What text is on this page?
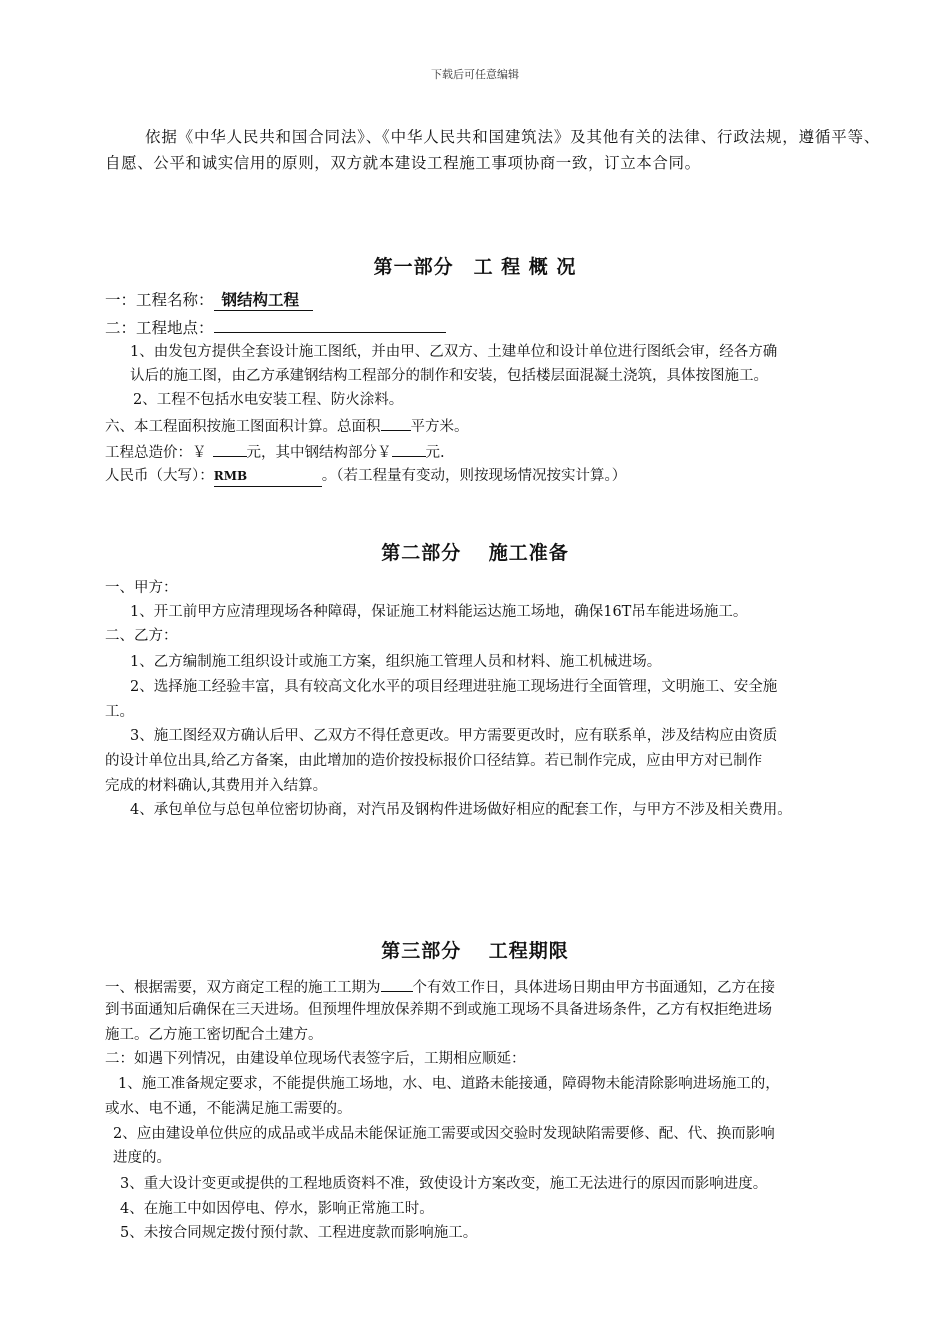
下载后可任意编辑
依据《中华人民共和国合同法》、《中华人民共和国建筑法》及其他有关的法律、行政法规，遵循平等、自愿、公平和诚实信用的原则，双方就本建设工程施工事项协商一致，订立本合同。
第一部分　工 程 概 况
一：工程名称： 钢结构工程
二：工程地点：
1、由发包方提供全套设计施工图纸，并由甲、乙双方、土建单位和设计单位进行图纸会审，经各方确
认后的施工图，由乙方承建钢结构工程部分的制作和安装，包括楼层面混凝土浇筑，具体按图施工。
2、工程不包括水电安装工程、防火涂料。
六、本工程面积按施工图面积计算。总面积 平方米。
工程总造价：￥	元，其中钢结构部分￥ 元.
人民币（大写）：RMB	。（若工程量有变动，则按现场情况按实计算。）
第二部分　 施工准备
一、甲方：
1、开工前甲方应清理现场各种障碍，保证施工材料能运达施工场地，确保16T吊车能进场施工。
二、乙方：
1、乙方编制施工组织设计或施工方案，组织施工管理人员和材料、施工机械进场。
2、选择施工经验丰富，具有较高文化水平的项目经理进驻施工现场进行全面管理，文明施工、安全施
工。
3、施工图经双方确认后甲、乙双方不得任意更改。甲方需要更改时，应有联系单，涉及结构应由资质
的设计单位出具,给乙方备案，由此增加的造价按投标报价口径结算。若已制作完成，应由甲方对已制作
完成的材料确认,其费用并入结算。
4、承包单位与总包单位密切协商，对汽吊及钢构件进场做好相应的配套工作，与甲方不涉及相关费用。
第三部分　 工程期限
一、根据需要，双方商定工程的施工工期为 个有效工作日，具体进场日期由甲方书面通知，乙方在接
到书面通知后确保在三天进场。但预埋件埋放保养期不到或施工现场不具备进场条件，乙方有权拒绝进场
施工。乙方施工密切配合土建方。
二：如遇下列情况，由建设单位现场代表签字后，工期相应顺延：
1、施工准备规定要求，不能提供施工场地，水、电、道路未能接通，障碍物未能清除影响进场施工的，
或水、电不通，不能满足施工需要的。
2、应由建设单位供应的成品或半成品未能保证施工需要或因交验时发现缺陷需要修、配、代、换而影响
进度的。
3、重大设计变更或提供的工程地质资料不准，致使设计方案改变，施工无法进行的原因而影响进度。
4、在施工中如因停电、停水，影响正常施工时。
5、未按合同规定拨付预付款、工程进度款而影响施工。
